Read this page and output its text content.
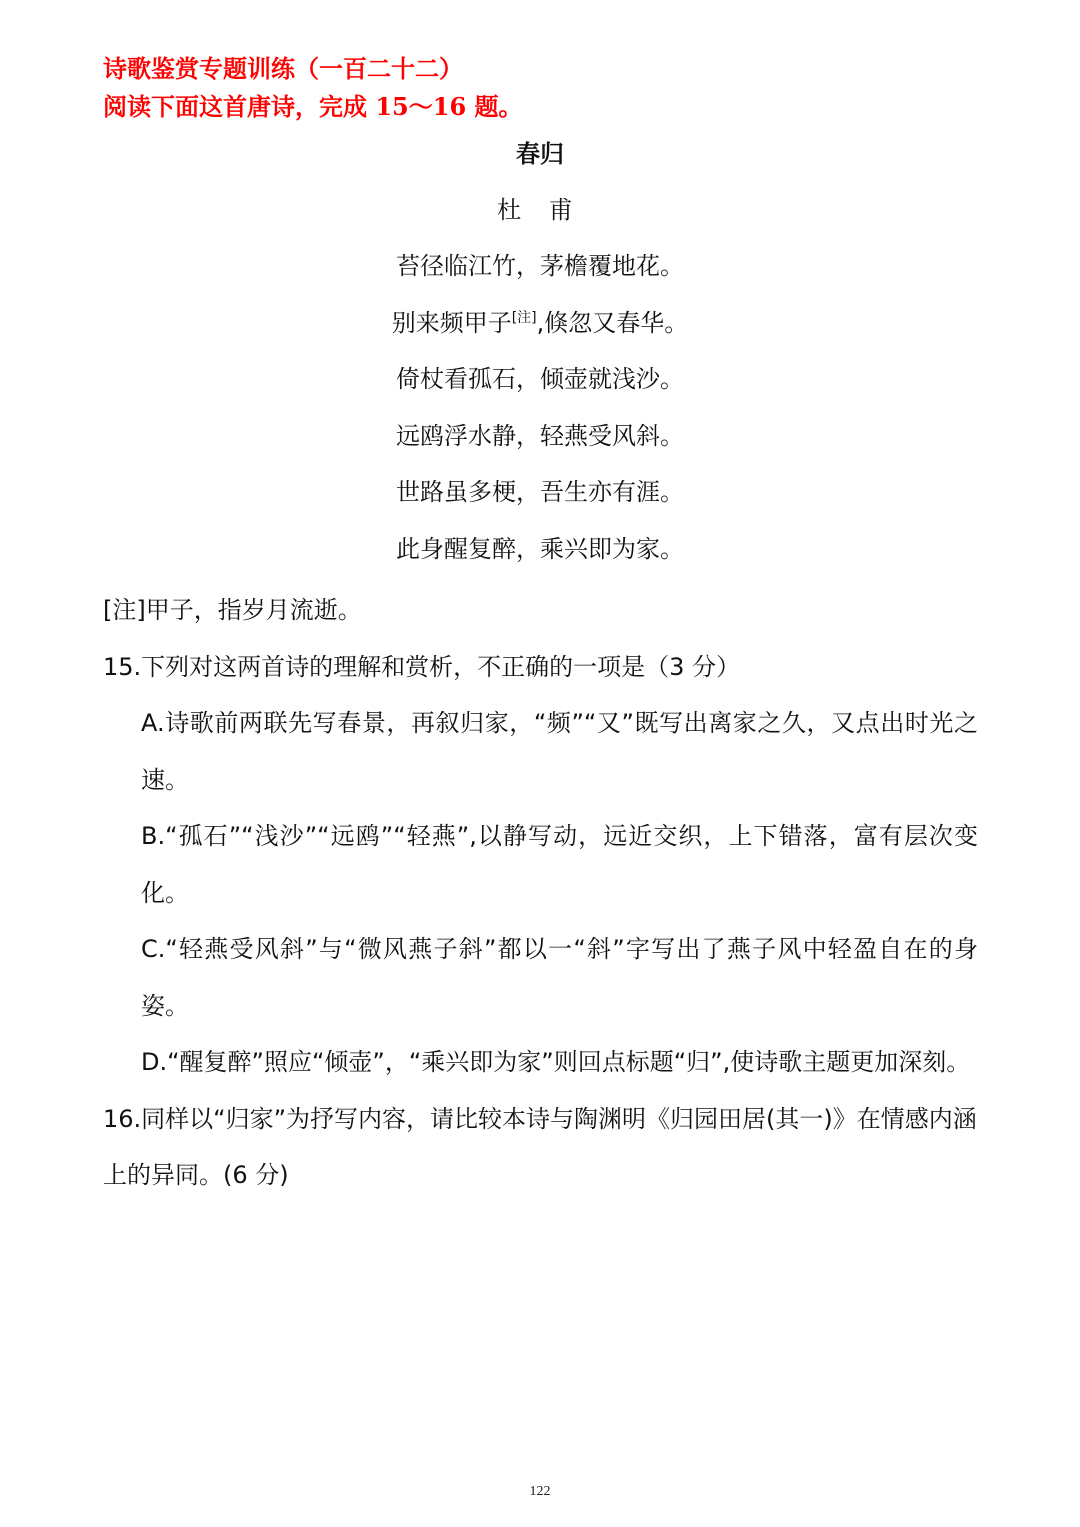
诗歌鉴赏专题训练（一百二十二）
阅读下面这首唐诗，完成 15～16 题。
春归
杜 甫
苔径临江竹，茅檐覆地花。
别来频甲子[注],倏忽又春华。
倚杖看孤石，倾壶就浅沙。
远鸥浮水静，轻燕受风斜。
世路虽多梗，吾生亦有涯。
此身醒复醉，乘兴即为家。

[注]甲子，指岁月流逝。

15.下列对这两首诗的理解和赏析，不正确的一项是（3 分）

A.诗歌前两联先写春景，再叙归家，“频”“又”既写出离家之久，又点出时光之速。

B.“孤石”“浅沙”“远鸥”“轻燕”,以静写动，远近交织，上下错落，富有层次变化。

C.“轻燕受风斜”与“微风燕子斜”都以一“斜”字写出了燕子风中轻盈自在的身姿。

D.“醒复醉”照应“倾壶”，“乘兴即为家”则回点标题“归”,使诗歌主题更加深刻。

16.同样以“归家”为抒写内容，请比较本诗与陶渊明《归园田居(其一)》在情感内涵上的异同。(6 分)

122
